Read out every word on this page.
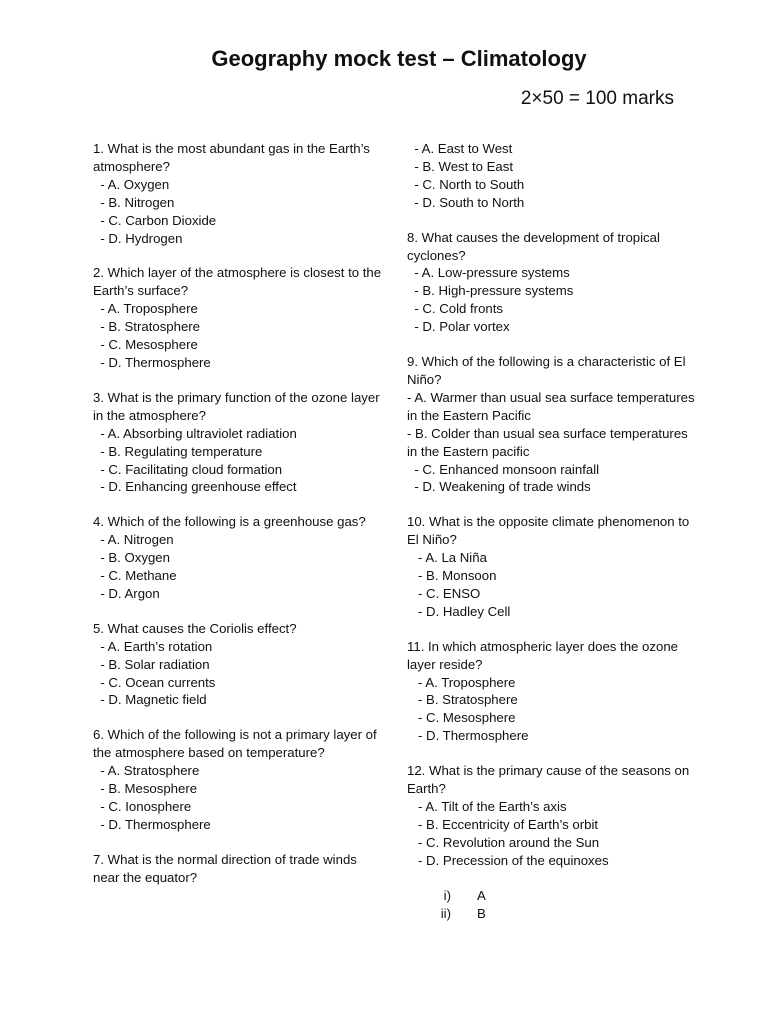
Geography mock test – Climatology
2×50 = 100 marks
1. What is the most abundant gas in the Earth’s atmosphere?
- A. Oxygen
- B. Nitrogen
- C. Carbon Dioxide
- D. Hydrogen
2. Which layer of the atmosphere is closest to the Earth’s surface?
- A. Troposphere
- B. Stratosphere
- C. Mesosphere
- D. Thermosphere
3. What is the primary function of the ozone layer in the atmosphere?
- A. Absorbing ultraviolet radiation
- B. Regulating temperature
- C. Facilitating cloud formation
- D. Enhancing greenhouse effect
4. Which of the following is a greenhouse gas?
- A. Nitrogen
- B. Oxygen
- C. Methane
- D. Argon
5. What causes the Coriolis effect?
- A. Earth’s rotation
- B. Solar radiation
- C. Ocean currents
- D. Magnetic field
6. Which of the following is not a primary layer of the atmosphere based on temperature?
- A. Stratosphere
- B. Mesosphere
- C. Ionosphere
- D. Thermosphere
7. What is the normal direction of trade winds near the equator?
- A. East to West
- B. West to East
- C. North to South
- D. South to North
8. What causes the development of tropical cyclones?
- A. Low-pressure systems
- B. High-pressure systems
- C. Cold fronts
- D. Polar vortex
9. Which of the following is a characteristic of El Niño?
- A. Warmer than usual sea surface temperatures in the Eastern Pacific
- B. Colder than usual sea surface temperatures in the Eastern pacific
- C. Enhanced monsoon rainfall
- D. Weakening of trade winds
10. What is the opposite climate phenomenon to El Niño?
- A. La Niña
- B. Monsoon
- C. ENSO
- D. Hadley Cell
11. In which atmospheric layer does the ozone layer reside?
- A. Troposphere
- B. Stratosphere
- C. Mesosphere
- D. Thermosphere
12. What is the primary cause of the seasons on Earth?
- A. Tilt of the Earth’s axis
- B. Eccentricity of Earth’s orbit
- C. Revolution around the Sun
- D. Precession of the equinoxes
i)	A
ii)	B
